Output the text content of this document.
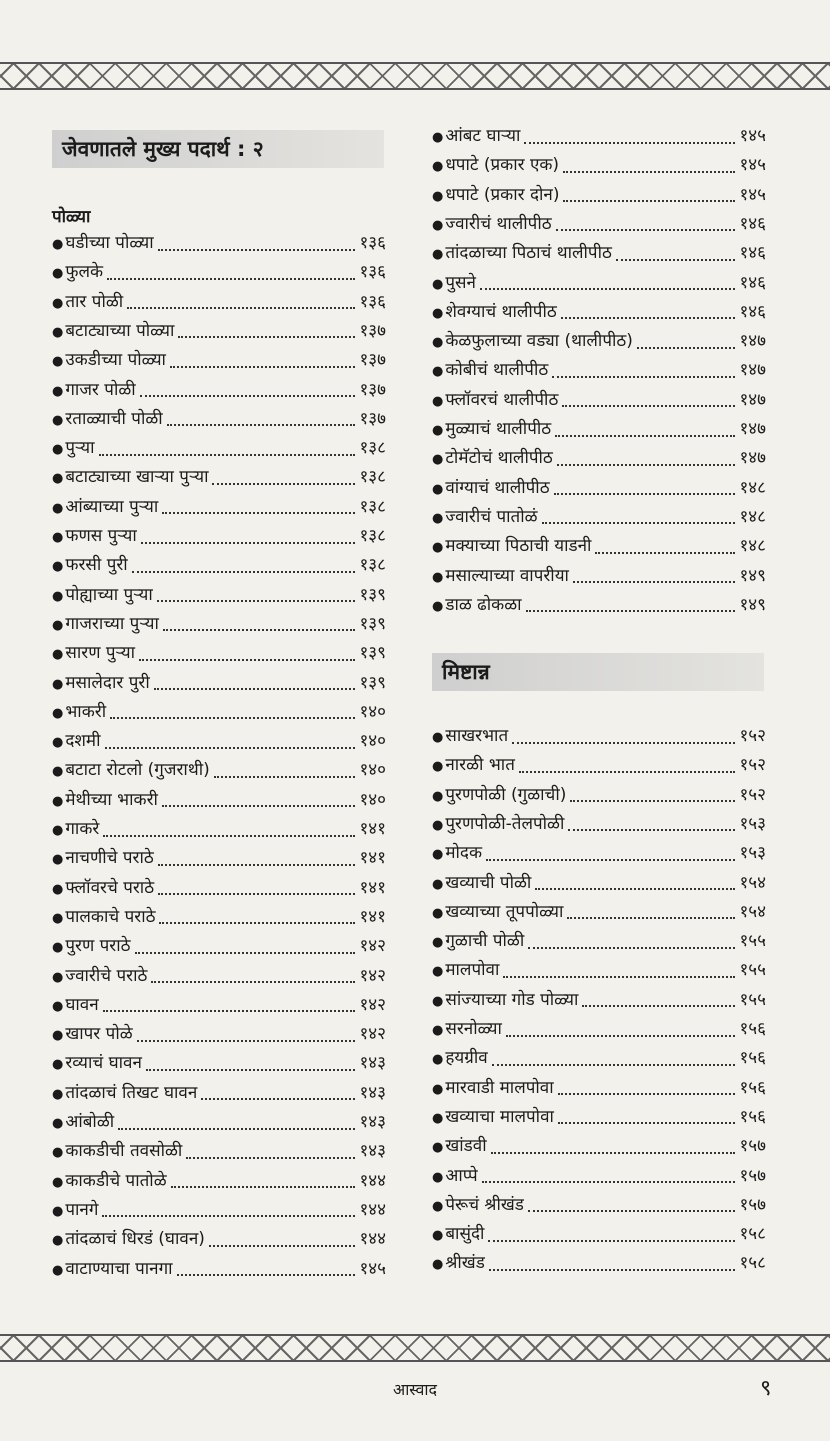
जेवणातले मुख्य पदार्थ : २
पोळ्या
● घडीच्या पोळ्या	१३६
● फुलके	१३६
● तार पोळी	१३६
● बटाट्याच्या पोळ्या	१३७
● उकडीच्या पोळ्या	१३७
● गाजर पोळी	१३७
● रताळ्याची पोळी	१३७
● पुऱ्या	१३८
● बटाट्याच्या खाऱ्या पुऱ्या	१३८
● आंब्याच्या पुऱ्या	१३८
● फणस पुऱ्या	१३८
● फरसी पुरी	१३८
● पोह्याच्या पुऱ्या	१३९
● गाजराच्या पुऱ्या	१३९
● सारण पुऱ्या	१३९
● मसालेदार पुरी	१३९
● भाकरी	१४०
● दशमी	१४०
● बटाटा रोटलो (गुजराथी)	१४०
● मेथीच्या भाकरी	१४०
● गाकरे	१४१
● नाचणीचे पराठे	१४१
● फ्लॉवरचे पराठे	१४१
● पालकाचे पराठे	१४१
● पुरण पराठे	१४२
● ज्वारीचे पराठे	१४२
● घावन	१४२
● खापर पोळे	१४२
● रव्याचं घावन	१४३
● तांदळाचं तिखट घावन	१४३
● आंबोळी	१४३
● काकडीची तवसोळी	१४३
● काकडीचे पातोळे	१४४
● पानगे	१४४
● तांदळाचं धिरडं (घावन)	१४४
● वाटाण्याचा पानगा	१४५
● आंबट घाऱ्या	१४५
● धपाटे (प्रकार एक)	१४५
● धपाटे (प्रकार दोन)	१४५
● ज्वारीचं थालीपीठ	१४६
● तांदळाच्या पिठाचं थालीपीठ	१४६
● पुसने	१४६
● शेवग्याचं थालीपीठ	१४६
● केळफुलाच्या वड्या (थालीपीठ)	१४७
● कोबीचं थालीपीठ	१४७
● फ्लॉवरचं थालीपीठ	१४७
● मुळ्याचं थालीपीठ	१४७
● टोमॅटोचं थालीपीठ	१४७
● वांग्याचं थालीपीठ	१४८
● ज्वारीचं पातोळं	१४८
● मक्याच्या पिठाची याडनी	१४८
● मसाल्याच्या वापरीया	१४९
● डाळ ढोकळा	१४९
मिष्टान्न
● साखरभात	१५२
● नारळी भात	१५२
● पुरणपोळी (गुळाची)	१५२
● पुरणपोळी-तेलपोळी	१५३
● मोदक	१५३
● खव्याची पोळी	१५४
● खव्याच्या तूपपोळ्या	१५४
● गुळाची पोळी	१५५
● मालपोवा	१५५
● सांज्याच्या गोड पोळ्या	१५५
● सरनोळ्या	१५६
● हयग्रीव	१५६
● मारवाडी मालपोवा	१५६
● खव्याचा मालपोवा	१५६
● खांडवी	१५७
● आप्पे	१५७
● पेरूचं श्रीखंड	१५७
● बासुंदी	१५८
● श्रीखंड	१५८
आस्वाद	९
